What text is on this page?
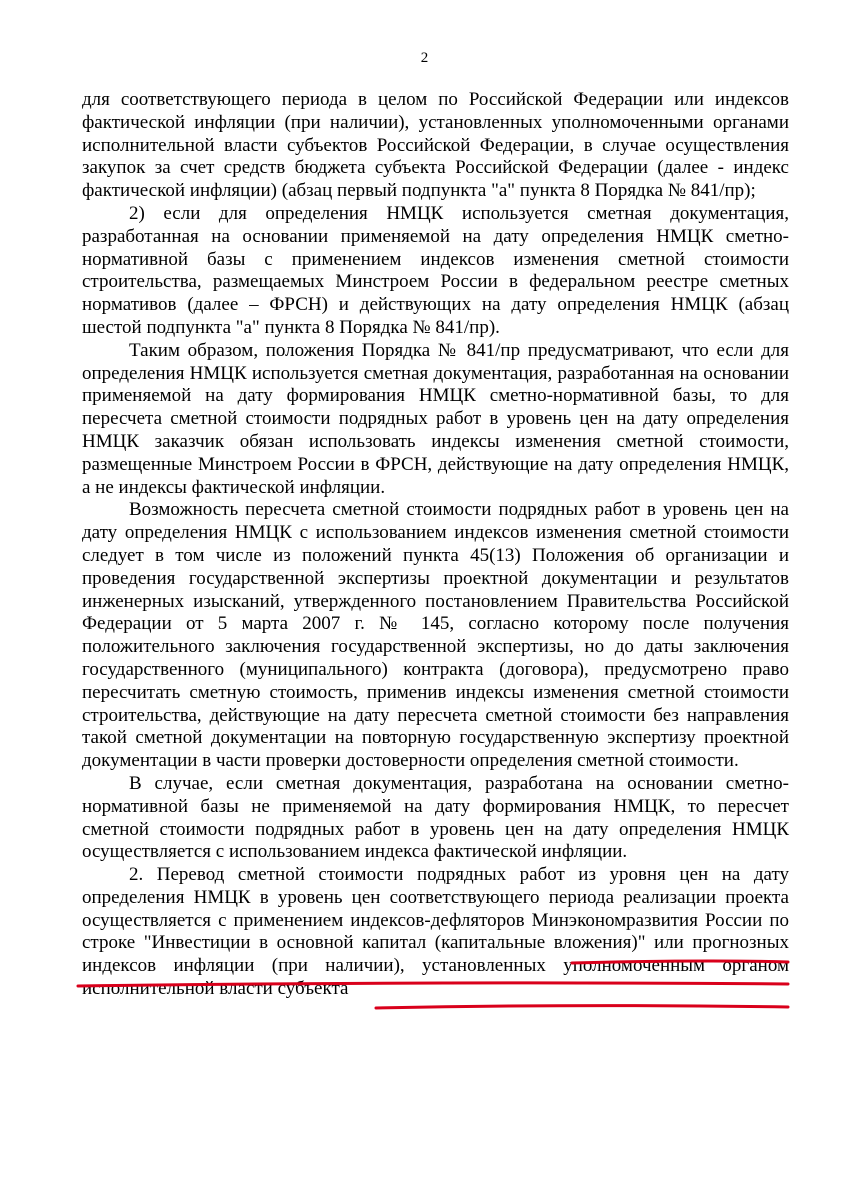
2

для соответствующего периода в целом по Российской Федерации или индексов фактической инфляции (при наличии), установленных уполномоченными органами исполнительной власти субъектов Российской Федерации, в случае осуществления закупок за счет средств бюджета субъекта Российской Федерации (далее - индекс фактической инфляции) (абзац первый подпункта "а" пункта 8 Порядка № 841/пр);

2) если для определения НМЦК используется сметная документация, разработанная на основании применяемой на дату определения НМЦК сметно-нормативной базы с применением индексов изменения сметной стоимости строительства, размещаемых Минстроем России в федеральном реестре сметных нормативов (далее – ФРСН) и действующих на дату определения НМЦК (абзац шестой подпункта "а" пункта 8 Порядка № 841/пр).

Таким образом, положения Порядка № 841/пр предусматривают, что если для определения НМЦК используется сметная документация, разработанная на основании применяемой на дату формирования НМЦК сметно-нормативной базы, то для пересчета сметной стоимости подрядных работ в уровень цен на дату определения НМЦК заказчик обязан использовать индексы изменения сметной стоимости, размещенные Минстроем России в ФРСН, действующие на дату определения НМЦК, а не индексы фактической инфляции.

Возможность пересчета сметной стоимости подрядных работ в уровень цен на дату определения НМЦК с использованием индексов изменения сметной стоимости следует в том числе из положений пункта 45(13) Положения об организации и проведения государственной экспертизы проектной документации и результатов инженерных изысканий, утвержденного постановлением Правительства Российской Федерации от 5 марта 2007 г. № 145, согласно которому после получения положительного заключения государственной экспертизы, но до даты заключения государственного (муниципального) контракта (договора), предусмотрено право пересчитать сметную стоимость, применив индексы изменения сметной стоимости строительства, действующие на дату пересчета сметной стоимости без направления такой сметной документации на повторную государственную экспертизу проектной документации в части проверки достоверности определения сметной стоимости.

В случае, если сметная документация, разработана на основании сметно-нормативной базы не применяемой на дату формирования НМЦК, то пересчет сметной стоимости подрядных работ в уровень цен на дату определения НМЦК осуществляется с использованием индекса фактической инфляции.

2. Перевод сметной стоимости подрядных работ из уровня цен на дату определения НМЦК в уровень цен соответствующего периода реализации проекта осуществляется с применением индексов-дефляторов Минэкономразвития России по строке "Инвестиции в основной капитал (капитальные вложения)" или прогнозных индексов инфляции (при наличии), установленных уполномоченным органом исполнительной власти субъекта
